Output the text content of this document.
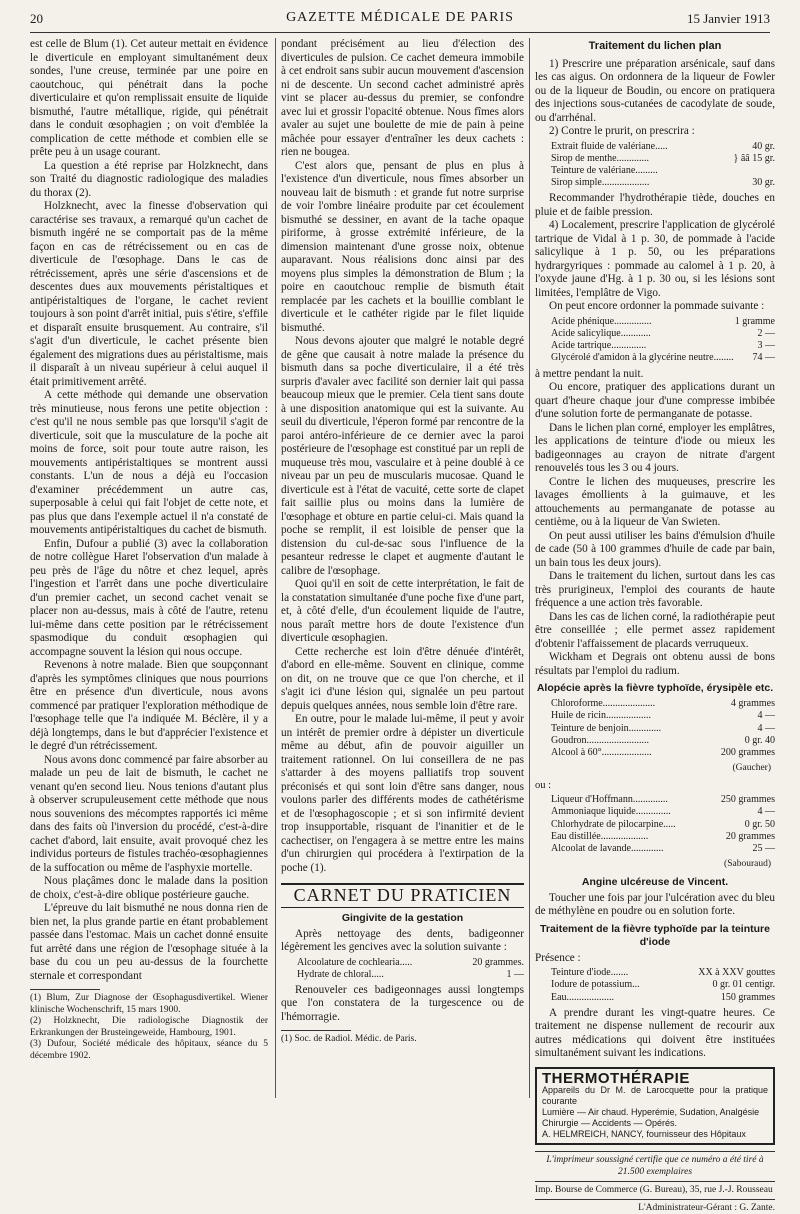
20	GAZETTE MÉDICALE DE PARIS	15 Janvier 1913

est celle de Blum (1). Cet auteur mettait en évidence le diverticule en employant simultanément deux sondes, l'une creuse, terminée par une poire en caoutchouc, qui pénétrait dans la poche diverticulaire et qu'on remplissait ensuite de liquide bismuthé, l'autre métallique, rigide, qui pénétrait dans le conduit œsophagien ; on voit d'emblée la complication de cette méthode et combien elle se prête peu à un usage courant.

La question a été reprise par Holzknecht, dans son Traité du diagnostic radiologique des maladies du thorax (2).

Holzknecht, avec la finesse d'observation qui caractérise ses travaux, a remarqué qu'un cachet de bismuth ingéré ne se comportait pas de la même façon en cas de rétrécissement ou en cas de diverticule de l'œsophage. Dans le cas de rétrécissement, après une série d'ascensions et de descentes dues aux mouvements péristaltiques et antipéristaltiques de l'organe, le cachet revient toujours à son point d'arrêt initial, puis s'étire, s'effile et disparaît ensuite brusquement. Au contraire, s'il s'agit d'un diverticule, le cachet présente bien également des migrations dues au péristaltisme, mais il disparaît à un niveau supérieur à celui auquel il était primitivement arrêté.

A cette méthode qui demande une observation très minutieuse, nous ferons une petite objection : c'est qu'il ne nous semble pas que lorsqu'il s'agit de diverticule, soit que la musculature de la poche ait moins de force, soit pour toute autre raison, les mouvements antipéristaltiques se montrent aussi constants. L'un de nous a déjà eu l'occasion d'examiner précédemment un autre cas, superposable à celui qui fait l'objet de cette note, et pas plus que dans l'exemple actuel il n'a constaté de mouvements antipéristaltiques du cachet de bismuth.

Enfin, Dufour a publié (3) avec la collaboration de notre collègue Haret l'observation d'un malade à peu près de l'âge du nôtre et chez lequel, après l'ingestion et l'arrêt dans une poche diverticulaire d'un premier cachet, un second cachet venait se placer non au-dessus, mais à côté de l'autre, retenu lui-même dans cette position par le rétrécissement spasmodique du conduit œsophagien qui accompagne souvent la lésion qui nous occupe.

Revenons à notre malade. Bien que soupçonnant d'après les symptômes cliniques que nous pourrions être en présence d'un diverticule, nous avons commencé par pratiquer l'exploration méthodique de l'œsophage telle que l'a indiquée M. Béclère, il y a déjà longtemps, dans le but d'apprécier l'existence et le degré d'un rétrécissement.

Nous avons donc commencé par faire absorber au malade un peu de lait de bismuth, le cachet ne venant qu'en second lieu. Nous tenions d'autant plus à observer scrupuleusement cette méthode que nous nous souvenions des mécomptes rapportés ici même dans des faits où l'inversion du procédé, c'est-à-dire cachet d'abord, lait ensuite, avait provoqué chez les individus porteurs de fistules trachéo-œsophagiennes de la suffocation ou même de l'asphyxie mortelle.

Nous plaçâmes donc le malade dans la position de choix, c'est-à-dire oblique postérieure gauche.

L'épreuve du lait bismuthé ne nous donna rien de bien net, la plus grande partie en étant probablement passée dans l'estomac. Mais un cachet donné ensuite fut arrêté dans une région de l'œsophage située à la base du cou un peu au-dessus de la fourchette sternale et correspondant

(1) Blum, Zur Diagnose der Œsophagusdivertikel. Wiener klinische Wochenschrift, 15 mars 1900.
(2) Holzknecht, Die radiologische Diagnostik der Erkrankungen der Brusteingeweide, Hambourg, 1901.
(3) Dufour, Société médicale des hôpitaux, séance du 5 décembre 1902.

pondant précisément au lieu d'élection des diverticules de pulsion. Ce cachet demeura immobile à cet endroit sans subir aucun mouvement d'ascension ni de descente. Un second cachet administré après vint se placer au-dessus du premier, se confondre avec lui et grossir l'opacité obtenue. Nous fîmes alors avaler au sujet une boulette de mie de pain à peine mâchée pour essayer d'entraîner les deux cachets : rien ne bougea.

C'est alors que, pensant de plus en plus à l'existence d'un diverticule, nous fîmes absorber un nouveau lait de bismuth : et grande fut notre surprise de voir l'ombre linéaire produite par cet écoulement bismuthé se dessiner, en avant de la tache opaque piriforme, à grosse extrémité inférieure, de la dimension maintenant d'une grosse noix, obtenue auparavant. Nous réalisions donc ainsi par des moyens plus simples la démonstration de Blum ; la poire en caoutchouc remplie de bismuth était remplacée par les cachets et la bouillie comblant le diverticule et le cathéter rigide par le filet liquide bismuthé.

Nous devons ajouter que malgré le notable degré de gêne que causait à notre malade la présence du bismuth dans sa poche diverticulaire, il a été très surpris d'avaler avec facilité son dernier lait qui passa beaucoup mieux que le premier. Cela tient sans doute à une disposition anatomique qui est la suivante. Au seuil du diverticule, l'éperon formé par rencontre de la paroi antéro-inférieure de ce dernier avec la paroi postérieure de l'œsophage est constitué par un repli de muqueuse très mou, vasculaire et à peine doublé à ce niveau par un peu de muscularis mucosae. Quand le diverticule est à l'état de vacuité, cette sorte de clapet fait saillie plus ou moins dans la lumière de l'œsophage et obture en partie celui-ci. Mais quand la poche se remplit, il est loisible de penser que la distension du cul-de-sac sous l'influence de la pesanteur redresse le clapet et augmente d'autant le calibre de l'œsophage.

Quoi qu'il en soit de cette interprétation, le fait de la constatation simultanée d'une poche fixe d'une part, et, à côté d'elle, d'un écoulement liquide de l'autre, nous paraît mettre hors de doute l'existence d'un diverticule œsophagien.

Cette recherche est loin d'être dénuée d'intérêt, d'abord en elle-même. Souvent en clinique, comme on dit, on ne trouve que ce que l'on cherche, et il s'agit ici d'une lésion qui, signalée un peu partout depuis quelques années, nous semble loin d'être rare.

En outre, pour le malade lui-même, il peut y avoir un intérêt de premier ordre à dépister un diverticule même au début, afin de pouvoir aiguiller un traitement rationnel. On lui conseillera de ne pas s'attarder à des moyens palliatifs trop souvent préconisés et qui sont loin d'être sans danger, nous voulons parler des différents modes de cathétérisme et de l'œsophagoscopie ; et si son infirmité devient trop insupportable, risquant de l'inanitier et de le cachectiser, on l'engagera à se mettre entre les mains d'un chirurgien qui procédera à l'extirpation de la poche (1).

CARNET DU PRATICIEN
Gingivite de la gestation

Après nettoyage des dents, badigeonner légèrement les gencives avec la solution suivante :

Alcoolature de cochlearia.....	20 grammes.
Hydrate de chloral.....	1 —

Renouveler ces badigeonnages aussi longtemps que l'on constatera de la turgescence ou de l'hémorragie.

(1) Soc. de Radiol. Médic. de Paris.
Traitement du lichen plan

1) Prescrire une préparation arsénicale, sauf dans les cas aigus. On ordonnera de la liqueur de Fowler ou de la liqueur de Boudin, ou encore on pratiquera des injections sous-cutanées de cacodylate de soude, ou d'arrhénal.

2) Contre le prurit, on prescrira :

Extrait fluide de valériane.....	40 gr.
Sirop de menthe.............	} ââ 15 gr.
Teinture de valériane.........
Sirop simple...................	30 gr.

Recommander l'hydrothérapie tiède, douches en pluie et de faible pression.

4) Localement, prescrire l'application de glycérolé tartrique de Vidal à 1 p. 30, de pommade à l'acide salicylique à 1 p. 50, ou les préparations hydrargyriques : pommade au calomel à 1 p. 20, à l'oxyde jaune d'Hg. à 1 p. 30 ou, si les lésions sont limitées, l'emplâtre de Vigo.

On peut encore ordonner la pommade suivante :

Acide phénique...............	1 gramme
Acide salicylique............	2 —
Acide tartrique..............	3 —
Glycérolé d'amidon à la glycérine neutre........	74 —

à mettre pendant la nuit.

Ou encore, pratiquer des applications durant un quart d'heure chaque jour d'une compresse imbibée d'une solution forte de permanganate de potasse.

Dans le lichen plan corné, employer les emplâtres, les applications de teinture d'iode ou mieux les badigeonnages au crayon de nitrate d'argent renouvelés tous les 3 ou 4 jours.

Contre le lichen des muqueuses, prescrire les lavages émollients à la guimauve, et les attouchements au permanganate de potasse au centième, ou à la liqueur de Van Swieten.

On peut aussi utiliser les bains d'émulsion d'huile de cade (50 à 100 grammes d'huile de cade par bain, un bain tous les deux jours).

Dans le traitement du lichen, surtout dans les cas très prurigineux, l'emploi des courants de haute fréquence a une action très favorable.

Dans les cas de lichen corné, la radiothérapie peut être conseillée ; elle permet assez rapidement d'obtenir l'affaissement de placards verruqueux.

Wickham et Degrais ont obtenu aussi de bons résultats par l'emploi du radium.

Alopécie après la fièvre typhoïde, érysipèle etc.
Chloroforme.....................	4 grammes
Huile de ricin..................	4 —
Teinture de benjoin.............	4 —
Goudron.........................	0 gr. 40
Alcool à 60°....................	200 grammes
(Gaucher)
ou :
Liqueur d'Hoffmann..............	250 grammes
Ammoniaque liquide..............	4 —
Chlorhydrate de pilocarpine.....	0 gr. 50
Eau distillée...................	20 grammes
Alcoolat de lavande.............	25 —
(Sabouraud)
Angine ulcéreuse de Vincent.

Toucher une fois par jour l'ulcération avec du bleu de méthylène en poudre ou en solution forte.

Traitement de la fièvre typhoïde par la teinture d'iode

Présence :

Teinture d'iode.......	XX à XXV gouttes
Iodure de potassium...	0 gr. 01 centigr.
Eau...................	150 grammes

A prendre durant les vingt-quatre heures. Ce traitement ne dispense nullement de recourir aux autres médications qui doivent être instituées simultanément suivant les indications.

THERMOTHÉRAPIE
Appareils du Dr M. de Larocquette pour la pratique courante
Lumière — Air chaud. Hyperémie, Sudation, Analgésie
Chirurgie — Accidents — Opérés.
A. HELMREICH, NANCY, fournisseur des Hôpitaux
L'imprimeur soussigné certifie que ce numéro a été tiré à 21.500 exemplaires
Imp. Bourse de Commerce (G. Bureau), 35, rue J.-J. Rousseau
L'Administrateur-Gérant : G. Zante.
